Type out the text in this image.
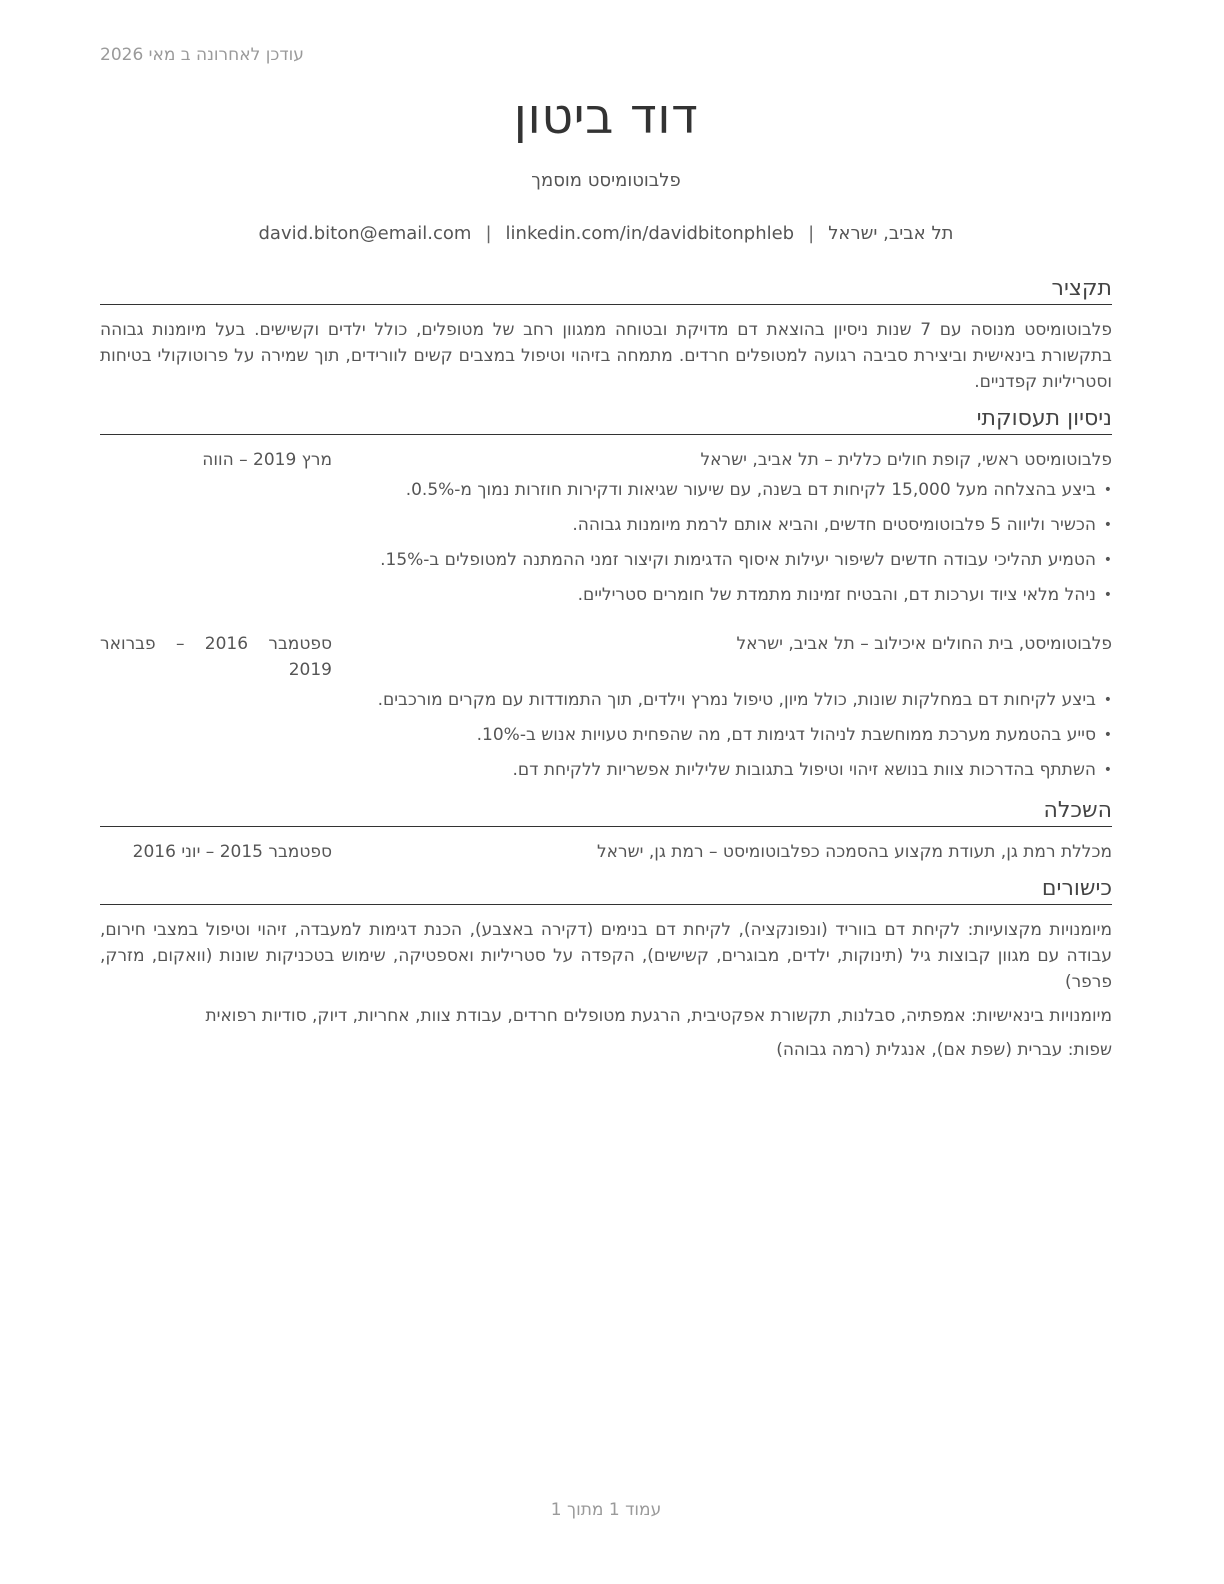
עודכן לאחרונה ב מאי 2026
דוד ביטון
פלבוטומיסט מוסמך
תל אביב, ישראל|david.biton@email.com | linkedin.com/in/davidbitonphleb
תקציר

פלבוטומיסט מנוסה עם 7 שנות ניסיון בהוצאת דם מדויקת ובטוחה ממגוון רחב של מטופלים, כולל ילדים וקשישים. בעל מיומנות גבוהה בתקשורת בינאישית וביצירת סביבה רגועה למטופלים חרדים. מתמחה בזיהוי וטיפול במצבים קשים לוורידים, תוך שמירה על פרוטוקולי בטיחות וסטריליות קפדניים.

ניסיון תעסוקתי
פלבוטומיסט ראשי, קופת חולים כללית – תל אביב, ישראל
מרץ 2019 – הווה
• ביצע בהצלחה מעל 15,000 לקיחות דם בשנה, עם שיעור שגיאות ודקירות חוזרות נמוך מ-0.5%.
• הכשיר וליווה 5 פלבוטומיסטים חדשים, והביא אותם לרמת מיומנות גבוהה.
• הטמיע תהליכי עבודה חדשים לשיפור יעילות איסוף הדגימות וקיצור זמני ההמתנה למטופלים ב-15%.
• ניהל מלאי ציוד וערכות דם, והבטיח זמינות מתמדת של חומרים סטריליים.
פלבוטומיסט, בית החולים איכילוב – תל אביב, ישראל
ספטמבר 2016 – פברואר
2019
• ביצע לקיחות דם במחלקות שונות, כולל מיון, טיפול נמרץ וילדים, תוך התמודדות עם מקרים מורכבים.
• סייע בהטמעת מערכת ממוחשבת לניהול דגימות דם, מה שהפחית טעויות אנוש ב-10%.
• השתתף בהדרכות צוות בנושא זיהוי וטיפול בתגובות שליליות אפשריות ללקיחת דם.
השכלה
מכללת רמת גן, תעודת מקצוע בהסמכה כפלבוטומיסט – רמת גן, ישראל
ספטמבר 2015 – יוני 2016
כישורים

מיומנויות מקצועיות: לקיחת דם בווריד (ונפונקציה), לקיחת דם בנימים (דקירה באצבע), הכנת דגימות למעבדה, זיהוי וטיפול במצבי חירום, עבודה עם מגוון קבוצות גיל (תינוקות, ילדים, מבוגרים, קשישים), הקפדה על סטריליות ואספטיקה, שימוש בטכניקות שונות (וואקום, מזרק, פרפר)

מיומנויות בינאישיות: אמפתיה, סבלנות, תקשורת אפקטיבית, הרגעת מטופלים חרדים, עבודת צוות, אחריות, דיוק, סודיות רפואית

שפות: עברית (שפת אם), אנגלית (רמה גבוהה)

עמוד 1 מתוך 1
